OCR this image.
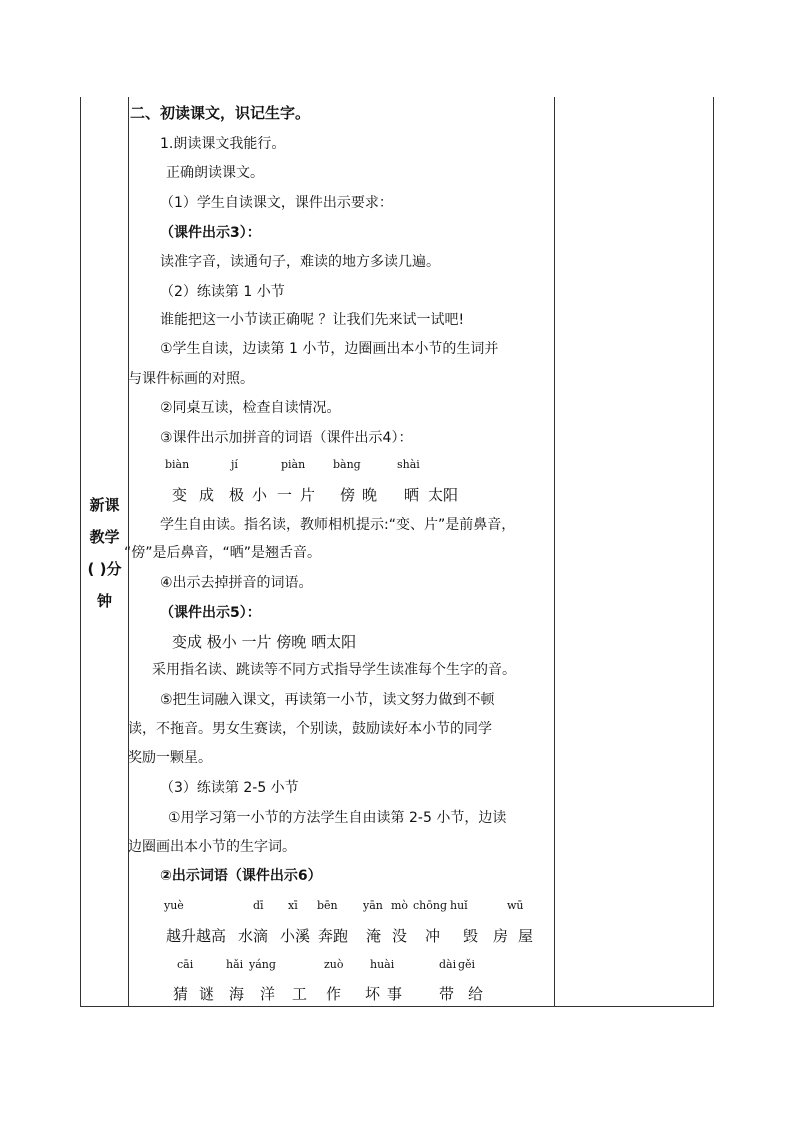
新课
教学
( )分
钟
二、初读课文，识记生字。
1.朗读课文我能行。
正确朗读课文。
（1）学生自读课文，课件出示要求：
（课件出示3）：
读准字音，读通句子，难读的地方多读几遍。
（2）练读第 1 小节
谁能把这一小节读正确呢 ？让我们先来试一试吧!
①学生自读，边读第 1 小节，边圈画出本小节的生词并
与课件标画的对照。
②同桌互读，检查自读情况。
③课件出示加拼音的词语（课件出示4）：
biàn	jí	piàn	bànɡ	shài
变 成 极 小 一 片 傍 晚 晒 太阳
学生自由读。指名读，教师相机提示:“变、片”是前鼻音，
“傍”是后鼻音，“晒”是翘舌音。
④出示去掉拼音的词语。
（课件出示5）：
变成 极小 一片 傍晚 晒太阳
采用指名读、跳读等不同方式指导学生读准每个生字的音。
⑤把生词融入课文，再读第一小节，读文努力做到不顿
读，不拖音。男女生赛读，个别读，鼓励读好本小节的同学
奖励一颗星。
（3）练读第 2-5 小节
①用学习第一小节的方法学生自由读第 2-5 小节，边读
边圈画出本小节的生字词。
②出示词语（课件出示6）
yuè	dī xī bēn yān mò chōnɡ huǐ	wū
越升越高 水滴 小溪 奔跑 淹 没 冲 毁 房 屋
cāi	hǎi yánɡ	zuò huài	dài ɡěi
猜 谜 海 洋 工 作 坏 事 带 给
